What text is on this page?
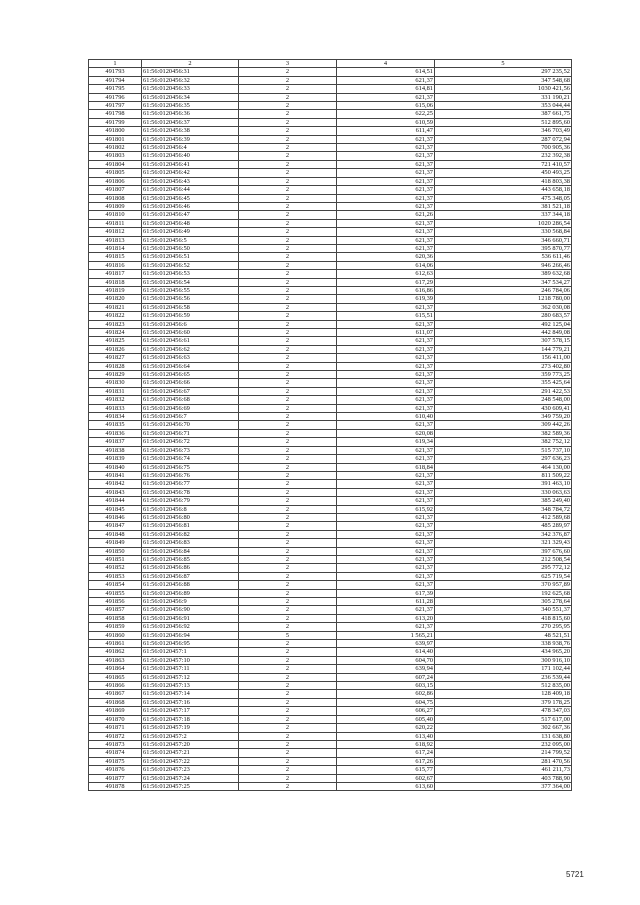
1	2	3	4	5
491793	61:56:0120456:31	2	614,51	297 235,52
491794	61:56:0120456:32	2	621,37	347 548,68
491795	61:56:0120456:33	2	614,81	1030 421,56
491796	61:56:0120456:34	2	621,37	331 190,21
491797	61:56:0120456:35	2	615,06	353 044,44
491798	61:56:0120456:36	2	622,25	387 661,75
491799	61:56:0120456:37	2	610,59	512 895,60
491800	61:56:0120456:38	2	611,47	346 703,49
491801	61:56:0120456:39	2	621,37	287 072,94
491802	61:56:0120456:4	2	621,37	700 905,36
491803	61:56:0120456:40	2	621,37	232 392,38
491804	61:56:0120456:41	2	621,37	721 410,57
491805	61:56:0120456:42	2	621,37	450 493,25
491806	61:56:0120456:43	2	621,37	418 803,38
491807	61:56:0120456:44	2	621,37	443 658,18
491808	61:56:0120456:45	2	621,37	475 348,05
491809	61:56:0120456:46	2	621,37	381 521,18
491810	61:56:0120456:47	2	621,26	337 344,18
491811	61:56:0120456:48	2	621,37	1020 286,54
491812	61:56:0120456:49	2	621,37	330 568,84
491813	61:56:0120456:5	2	621,37	346 660,71
491814	61:56:0120456:50	2	621,37	395 870,77
491815	61:56:0120456:51	2	620,36	536 611,46
491816	61:56:0120456:52	2	614,06	946 266,46
491817	61:56:0120456:53	2	612,63	389 632,68
491818	61:56:0120456:54	2	617,29	347 534,27
491819	61:56:0120456:55	2	616,86	246 784,06
491820	61:56:0120456:56	2	619,39	1218 780,00
491821	61:56:0120456:58	2	621,37	362 030,08
491822	61:56:0120456:59	2	615,51	280 683,57
491823	61:56:0120456:6	2	621,37	492 125,04
491824	61:56:0120456:60	2	611,07	442 849,08
491825	61:56:0120456:61	2	621,37	307 578,15
491826	61:56:0120456:62	2	621,37	144 779,21
491827	61:56:0120456:63	2	621,37	156 411,00
491828	61:56:0120456:64	2	621,37	273 402,80
491829	61:56:0120456:65	2	621,37	359 773,25
491830	61:56:0120456:66	2	621,37	355 425,64
491831	61:56:0120456:67	2	621,37	291 422,53
491832	61:56:0120456:68	2	621,37	248 548,00
491833	61:56:0120456:69	2	621,37	430 609,41
491834	61:56:0120456:7	2	610,40	349 759,20
491835	61:56:0120456:70	2	621,37	309 442,26
491836	61:56:0120456:71	2	620,08	382 589,36
491837	61:56:0120456:72	2	619,34	382 752,12
491838	61:56:0120456:73	2	621,37	515 737,10
491839	61:56:0120456:74	2	621,37	297 636,23
491840	61:56:0120456:75	2	618,84	464 130,00
491841	61:56:0120456:76	2	621,37	811 509,22
491842	61:56:0120456:77	2	621,37	391 463,10
491843	61:56:0120456:78	2	621,37	330 063,63
491844	61:56:0120456:79	2	621,37	385 249,40
491845	61:56:0120456:8	2	615,92	348 784,72
491846	61:56:0120456:80	2	621,37	412 589,68
491847	61:56:0120456:81	2	621,37	485 289,97
491848	61:56:0120456:82	2	621,37	342 376,87
491849	61:56:0120456:83	2	621,37	321 329,43
491850	61:56:0120456:84	2	621,37	397 676,60
491851	61:56:0120456:85	2	621,37	212 508,54
491852	61:56:0120456:86	2	621,37	295 772,12
491853	61:56:0120456:87	2	621,37	625 719,54
491854	61:56:0120456:88	2	621,37	370 957,89
491855	61:56:0120456:89	2	617,39	192 625,68
491856	61:56:0120456:9	2	611,28	305 278,64
491857	61:56:0120456:90	2	621,37	340 551,37
491858	61:56:0120456:91	2	613,20	418 815,60
491859	61:56:0120456:92	2	621,37	270 295,95
491860	61:56:0120456:94	5	1 565,21	48 521,51
491861	61:56:0120456:95	2	639,97	338 938,76
491862	61:56:0120457:1	2	614,40	434 965,20
491863	61:56:0120457:10	2	604,70	300 916,10
491864	61:56:0120457:11	2	639,94	171 102,44
491865	61:56:0120457:12	2	607,24	236 539,44
491866	61:56:0120457:13	2	603,15	512 835,00
491867	61:56:0120457:14	2	602,86	128 409,18
491868	61:56:0120457:16	2	604,75	379 178,25
491869	61:56:0120457:17	2	606,27	478 347,03
491870	61:56:0120457:18	2	605,40	517 617,00
491871	61:56:0120457:19	2	620,22	302 667,36
491872	61:56:0120457:2	2	613,40	131 638,80
491873	61:56:0120457:20	2	618,92	232 095,00
491874	61:56:0120457:21	2	617,24	214 799,52
491875	61:56:0120457:22	2	617,26	281 470,56
491876	61:56:0120457:23	2	615,77	461 211,73
491877	61:56:0120457:24	2	602,67	403 788,90
491878	61:56:0120457:25	2	613,60	377 364,00
5721
